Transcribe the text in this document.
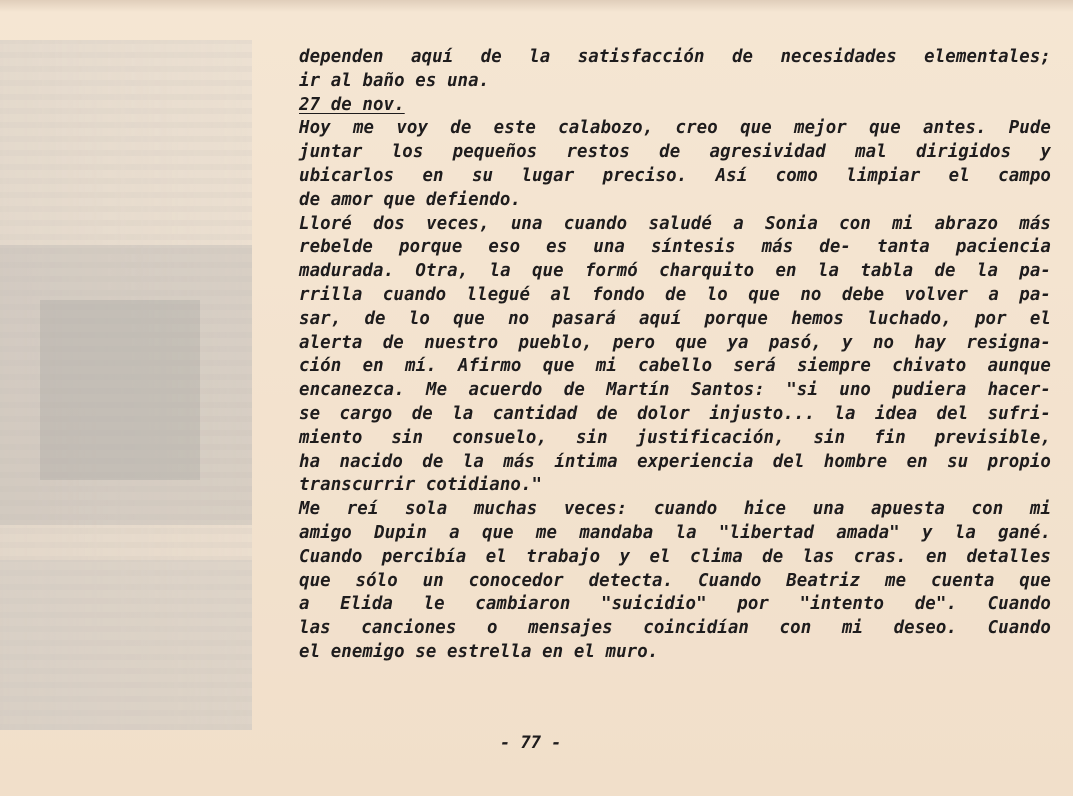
dependen aquí de la satisfacción de necesidades elementales;
ir al baño es una.

27 de nov.

Hoy me voy de este calabozo, creo que mejor que antes. Pude
juntar los pequeños restos de agresividad mal dirigidos y
ubicarlos en su lugar preciso. Así como limpiar el campo
de amor que defiendo.

Lloré dos veces, una cuando saludé a Sonia con mi abrazo más
rebelde porque eso es una síntesis más de- tanta paciencia
madurada. Otra, la que formó charquito en la tabla de la pa-
rrilla cuando llegué al fondo de lo que no debe volver a pa-
sar, de lo que no pasará aquí porque hemos luchado, por el
alerta de nuestro pueblo, pero que ya pasó, y no hay resigna-
ción en mí. Afirmo que mi cabello será siempre chivato aunque
encanezca. Me acuerdo de Martín Santos: "si uno pudiera hacer-
se cargo de la cantidad de dolor injusto... la idea del sufri-
miento sin consuelo, sin justificación, sin fin previsible,
ha nacido de la más íntima experiencia del hombre en su propio
transcurrir cotidiano."

Me reí sola muchas veces: cuando hice una apuesta con mi
amigo Dupin a que me mandaba la "libertad amada" y la gané.
Cuando percibía el trabajo y el clima de las cras. en detalles
que sólo un conocedor detecta. Cuando Beatriz me cuenta que
a Elida le cambiaron "suicidio" por "intento de". Cuando
las canciones o mensajes coincidían con mi deseo. Cuando
el enemigo se estrella en el muro.

- 77 -
